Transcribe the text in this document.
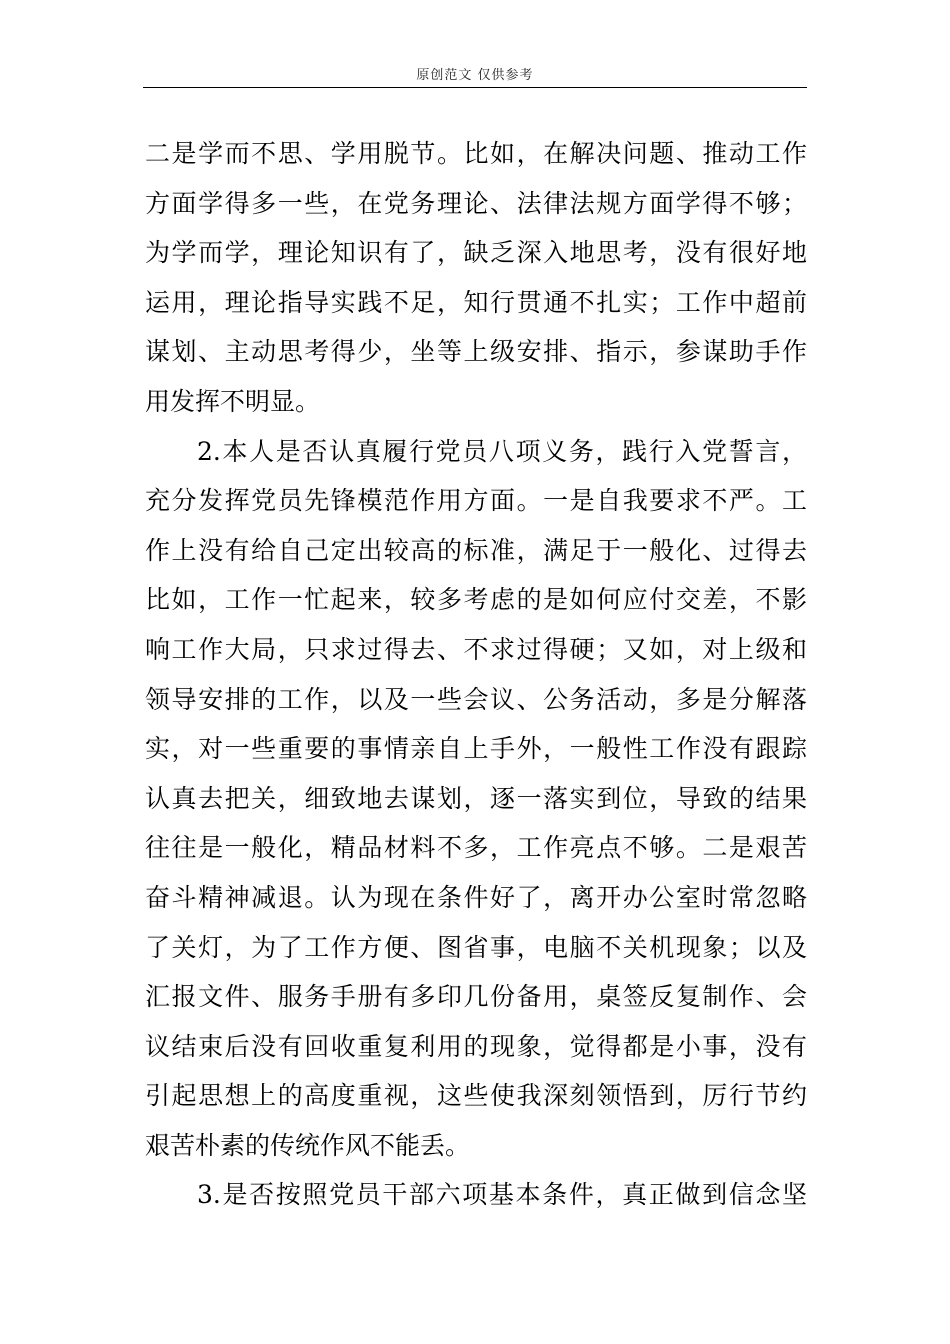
原创范文 仅供参考
二是学而不思、学用脱节。比如，在解决问题、推动工作
方面学得多一些，在党务理论、法律法规方面学得不够；
为学而学，理论知识有了，缺乏深入地思考，没有很好地
运用，理论指导实践不足，知行贯通不扎实；工作中超前
谋划、主动思考得少，坐等上级安排、指示，参谋助手作
用发挥不明显。
2.本人是否认真履行党员八项义务，践行入党誓言，
充分发挥党员先锋模范作用方面。一是自我要求不严。工
作上没有给自己定出较高的标准，满足于一般化、过得去
比如，工作一忙起来，较多考虑的是如何应付交差，不影
响工作大局，只求过得去、不求过得硬；又如，对上级和
领导安排的工作，以及一些会议、公务活动，多是分解落
实，对一些重要的事情亲自上手外，一般性工作没有跟踪
认真去把关，细致地去谋划，逐一落实到位，导致的结果
往往是一般化，精品材料不多，工作亮点不够。二是艰苦
奋斗精神减退。认为现在条件好了，离开办公室时常忽略
了关灯，为了工作方便、图省事，电脑不关机现象；以及
汇报文件、服务手册有多印几份备用，桌签反复制作、会
议结束后没有回收重复利用的现象，觉得都是小事，没有
引起思想上的高度重视，这些使我深刻领悟到，厉行节约
艰苦朴素的传统作风不能丢。
3.是否按照党员干部六项基本条件，真正做到信念坚
